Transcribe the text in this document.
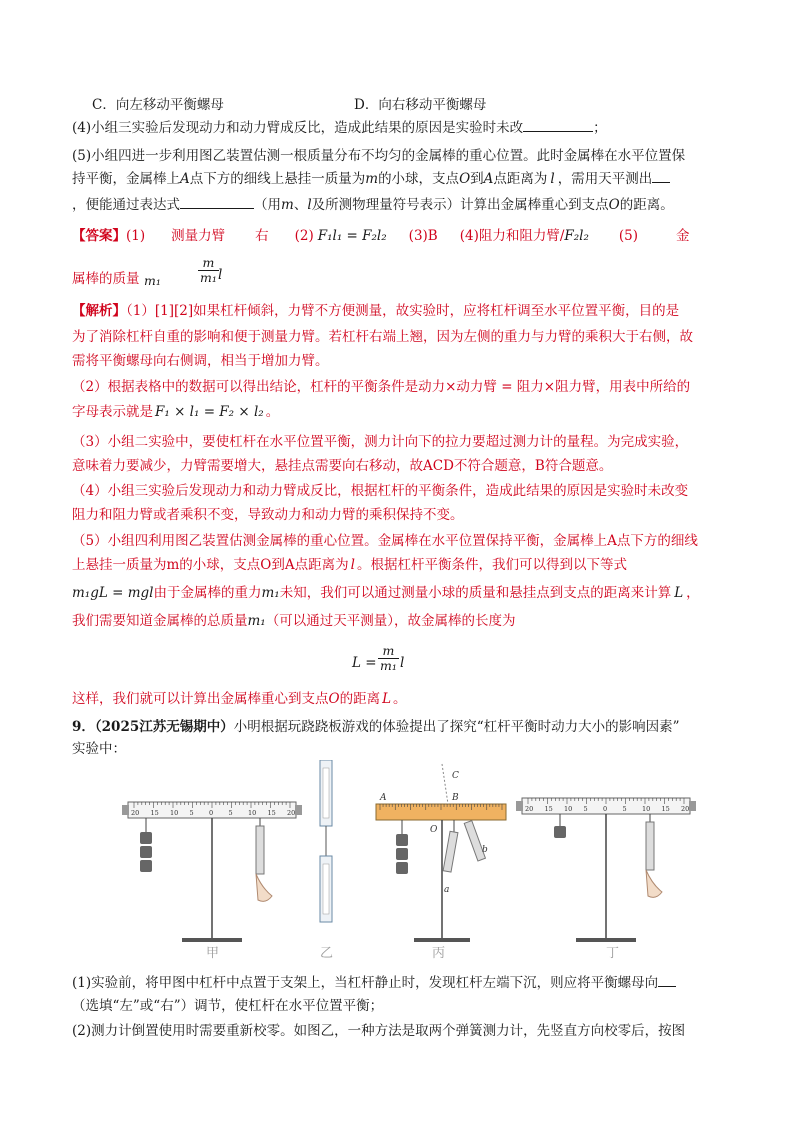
C．向左移动平衡螺母	D．向右移动平衡螺母
(4)小组三实验后发现动力和动力臂成反比，造成此结果的原因是实验时未改	；
(5)小组四进一步利用图乙装置估测一根质量分布不均匀的金属棒的重心位置。此时金属棒在水平位置保
持平衡，金属棒上A点下方的细线上悬挂一质量为m的小球，支点O到A点距离为 l ，需用天平测出
，便能通过表达式	（用m、l及所测物理量符号表示）计算出金属棒重心到支点O的距离。
【答案】(1) 测量力臂 右 (2) F₁l₁ = F₂l₂ (3)B (4)阻力和阻力臂/F₂l₂ (5)	金
属棒的质量 m₁	$\frac{m}{\text{m₁}}$ l
【解析】（1）[1][2]如果杠杆倾斜，力臂不方便测量，故实验时，应将杠杆调至水平位置平衡，目的是
为了消除杠杆自重的影响和便于测量力臂。若杠杆右端上翘，因为左侧的重力与力臂的乘积大于右侧，故
需将平衡螺母向右侧调，相当于增加力臂。
（2）根据表格中的数据可以得出结论，杠杆的平衡条件是动力×动力臂 = 阻力×阻力臂，用表中所给的
字母表示就是 F₁ × l₁ = F₂ × l₂ 。
（3）小组二实验中，要使杠杆在水平位置平衡，测力计向下的拉力要超过测力计的量程。为完成实验，
意味着力要减少，力臂需要增大，悬挂点需要向右移动，故ACD不符合题意，B符合题意。
（4）小组三实验后发现动力和动力臂成反比，根据杠杆的平衡条件，造成此结果的原因是实验时未改变
阻力和阻力臂或者乘积不变，导致动力和动力臂的乘积保持不变。
（5）小组四利用图乙装置估测金属棒的重心位置。金属棒在水平位置保持平衡，金属棒上A点下方的细线
上悬挂一质量为m的小球，支点O到A点距离为 l 。根据杠杆平衡条件，我们可以得到以下等式
m₁gL = mgl由于金属棒的重力m₁未知，我们可以通过测量小球的质量和悬挂点到支点的距离来计算 L ，
我们需要知道金属棒的总质量m₁（可以通过天平测量），故金属棒的长度为
$L = \frac{m}{\text{m₁}}$ l
这样，我们就可以计算出金属棒重心到支点O的距离 L 。
9．（2025江苏无锡期中）小明根据玩跷跷板游戏的体验提出了探究“杠杆平衡时动力大小的影响因素”
实验中：
20 15 10 5 0 5 10 15 20
A	B
C
O
a
b
20 15 10 5 0 5 10 15 20
甲	乙	丙	丁
(1)实验前，将甲图中杠杆中点置于支架上，当杠杆静止时，发现杠杆左端下沉，则应将平衡螺母向
（选填“左”或“右”）调节，使杠杆在水平位置平衡；
(2)测力计倒置使用时需要重新校零。如图乙，一种方法是取两个弹簧测力计，先竖直方向校零后，按图
